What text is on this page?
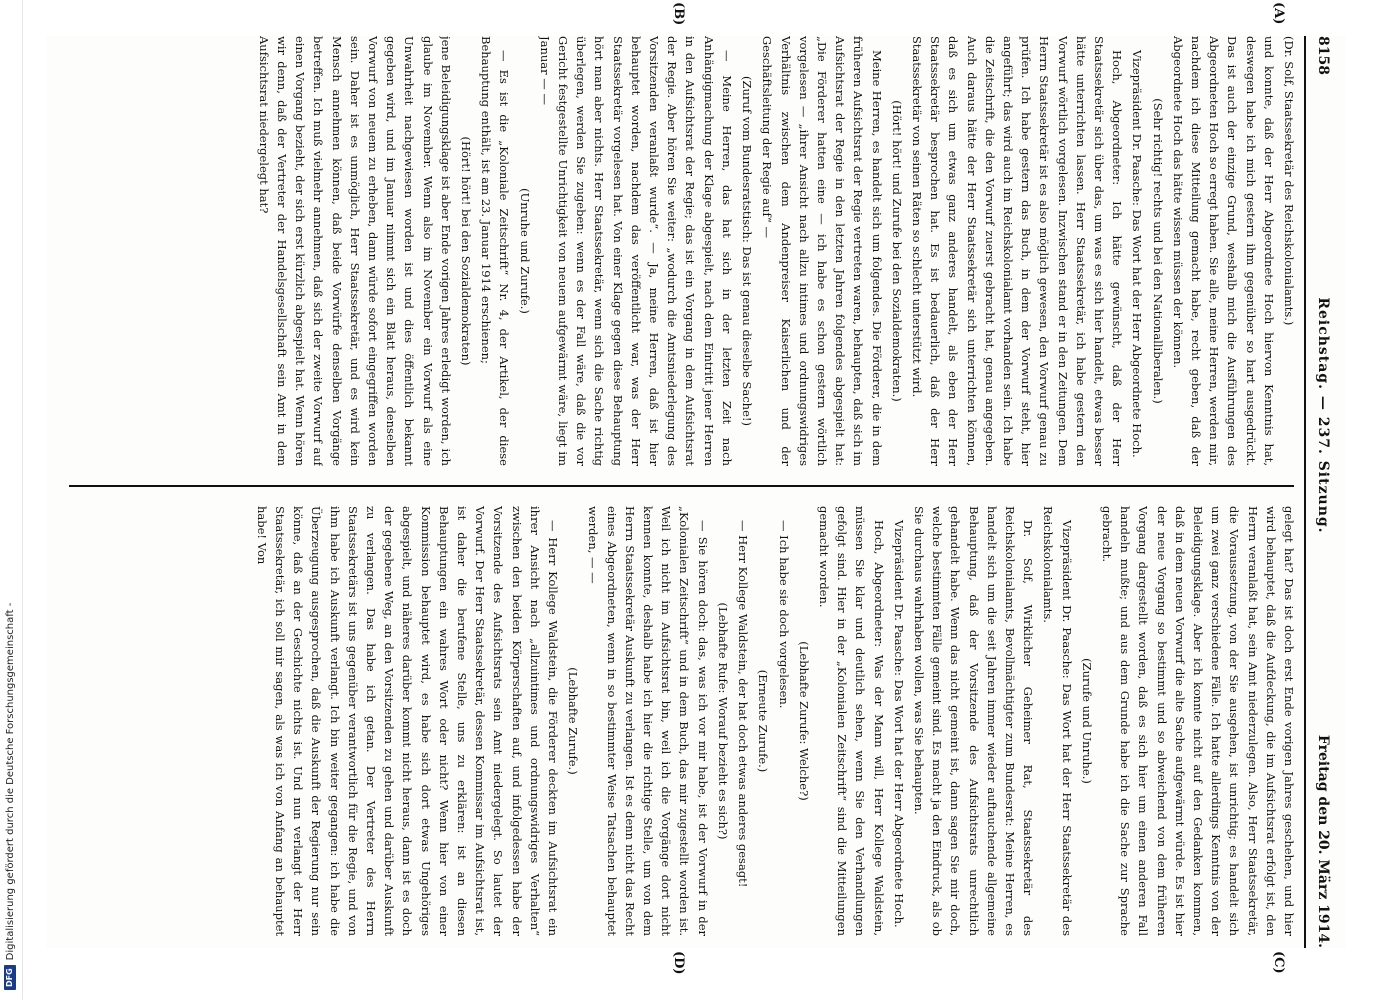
DFG
Digitalisierung gefördert durch die Deutsche Forschungsgemeinschaft -
8158
Reichstag. — 237. Sitzung.
Freitag den 20. März 1914.
(A)
(B)
(C)
(D)

(Dr. Solf, Staatssekretär des Reichskolonialamts.)

und konnte, daß der Herr Abgeordnete Hoch hiervon Kenntnis hat, deswegen habe ich mich gestern ihm gegenüber so hart ausgedrückt. Das ist auch der einzige Grund, weshalb mich die Ausführungen des Abgeordneten Hoch so erregt haben. Sie alle, meine Herren, werden mir, nachdem ich diese Mitteilung gemacht habe, recht geben, daß der Abgeordnete Hoch das hätte wissen müssen der können.

(Sehr richtig! rechts und bei den Nationalliberalen.)

Vizepräsident Dr. Paasche: Das Wort hat der Herr Abgeordnete Hoch.

Hoch, Abgeordneter: Ich hätte gewünscht, daß der Herr Staatssekretär sich über das, um was es sich hier handelt, etwas besser hätte unterrichten lassen. Herr Staatssekretär, ich habe gestern den Vorwurf wörtlich vorgelesen. Inzwischen stand er in den Zeitungen. Dem Herrn Staatssekretär ist es also möglich gewesen, den Vorwurf genau zu prüfen. Ich habe gestern das Buch, in dem der Vorwurf steht, hier angeführt; das wird auch im Reichskolonialamt vorhanden sein. Ich habe die Zeitschrift, die den Vorwurf zuerst gebracht hat, genau angegeben. Auch daraus hätte der Herr Staatssekretär sich unterrichten können, daß es sich um etwas ganz anderes handelt, als eben der Herr Staatssekretär besprochen hat. Es ist bedauerlich, daß der Herr Staatssekretär von seinen Räten so schlecht unterstützt wird.

(Hört! hört! und Zurufe bei den Sozialdemokraten.)

Meine Herren, es handelt sich um folgendes. Die Förderer, die in dem früheren Aufsichtsrat der Regie vertreten waren, behaupten, daß sich im Aufsichtsrat der Regie in den letzten Jahren folgendes abgespielt hat: „Die Förderer hatten eine — ich habe es schon gestern wörtlich vorgelesen — „ihrer Ansicht nach allzu intimes und ordnungswidriges Verhältnis zwischen dem Andenpreiser Kaiserlichen und der Geschäftsleitung der Regie auf“ —

(Zuruf vom Bundesratstisch: Das ist genau dieselbe Sache!)

— Meine Herren, das hat sich in der letzten Zeit nach Anhängigmachung der Klage abgespielt, nach dem Eintritt jener Herren in den Aufsichtsrat der Regie; das ist ein Vorgang in dem Aufsichtsrat der Regie. Aber hören Sie weiter: „wodurch die Amtsniederlegung des Vorsitzenden veranlaßt wurde“. — Ja, meine Herren, daß ist hier behauptet worden, nachdem das veröffentlicht war, was der Herr Staatssekretär vorgelesen hat. Von einer Klage gegen diese Behauptung hört man aber nichts. Herr Staatssekretär, wenn sich die Sache richtig überlegen, werden Sie zugeben: wenn es der Fall wäre, daß die vor Gericht festgestellte Unrichtigkeit von neuem aufgewärmt wäre, liegt im Januar — —

(Unruhe und Zurufe.)

— Es ist die „Koloniale Zeitschrift“ Nr. 4, der Artikel, der diese Behauptung enthält, ist am 23. Januar 1914 erschienen;

(Hört! hört! bei den Sozialdemokraten)

jene Beleidigungsklage ist aber Ende vorigen Jahres erledigt worden, ich glaube im November. Wenn also im November ein Vorwurf als eine Unwahrheit nachgewiesen worden ist und dies öffentlich bekannt gegeben wird, und im Januar nimmt sich ein Blatt heraus, denselben Vorwurf von neuem zu erheben, dann würde sofort eingegriffen worden sein. Daher ist es unmöglich, Herr Staatssekretär, und es wird kein Mensch annehmen können, daß beide Vorwürfe denselben Vorgänge betreffen. Ich muß vielmehr annehmen, daß sich der zweite Vorwurf auf einen Vorgang bezieht, der sich erst kürzlich abgespielt hat. Wenn hören wir denn, daß der Vertreter der Handelsgesellschaft sein Amt in dem Aufsichtsrat niedergelegt hat?

gelegt hat? Das ist doch erst Ende vorigen Jahres geschehen, und hier wird behauptet, daß die Aufdeckung, die im Aufsichtsrat erfolgt ist, den Herrn veranlaßt hat, sein Amt niederzulegen. Also, Herr Staatssekretär, die Voraussetzung, von der Sie ausgehen, ist unrichtig; es handelt sich um zwei ganz verschiedene Fälle. Ich hatte allerdings Kenntnis von der Beleidigungsklage. Aber ich konnte nicht auf den Gedanken kommen, daß in dem neuen Vorwurf die alte Sache aufgewärmt würde. Es ist hier der neue Vorgang so bestimmt und so abweichend von dem früheren Vorgang dargestellt worden, daß es sich hier um einen anderen Fall handeln mußte; und aus dem Grunde habe ich die Sache zur Sprache gebracht.

(Zurufe und Unruhe.)

Vizepräsident Dr. Paasche: Das Wort hat der Herr Staatssekretär des Reichskolonialamts.

Dr. Solf, Wirklicher Geheimer Rat, Staatssekretär des Reichskolonialamts, Bevollmächtigter zum Bundesrat: Meine Herren, es handelt sich um die seit Jahren immer wieder auftauchende allgemeine Behauptung, daß der Vorsitzende des Aufsichtsrats unrechtlich gehandelt habe. Wenn das nicht gemeint ist, dann sagen Sie mir doch, welche bestimmten Fälle gemeint sind. Es macht ja den Eindruck, als ob Sie durchaus wahrhaben wollen, was Sie behaupten.

Vizepräsident Dr. Paasche: Das Wort hat der Herr Abgeordnete Hoch.

Hoch, Abgeordneter: Was der Mann will, Herr Kollege Waldstein, müssen Sie klar und deutlich sehen, wenn Sie den Verhandlungen gefolgt sind. Hier in der „Kolonialen Zeitschrift“ sind die Mitteilungen gemacht worden.

(Lebhafte Zurufe: Welche?)

— Ich habe sie doch vorgelesen.

(Erneute Zurufe.)

— Herr Kollege Waldstein, der hat doch etwas anderes gesagt!

(Lebhafte Rufe: Worauf bezieht es sich?)

— Sie hören doch: das, was ich vor mir habe, ist der Vorwurf in der „Kolonialen Zeitschrift“ und in dem Buch, das mir zugestellt worden ist. Weil ich nicht im Aufsichtsrat bin, weil ich die Vorgänge dort nicht kennen konnte, deshalb habe ich hier die richtige Stelle, um von dem Herrn Staatssekretär Auskunft zu verlangen. Ist es denn nicht das Recht eines Abgeordneten, wenn in so bestimmter Weise Tatsachen behauptet werden, — —

(Lebhafte Zurufe.)

— Herr Kollege Waldstein, die Förderer deckten im Aufsichtsrat ein ihrer Ansicht nach „allzuintimes und ordnungswidriges Verhalten“ zwischen den beiden Körperschaften auf, und infolgedessen habe der Vorsitzende des Aufsichtsrats sein Amt niedergelegt. So lautet der Vorwurf. Der Herr Staatssekretär, dessen Kommissar im Aufsichtsrat ist, ist daher die berufene Stelle, uns zu erklären: ist an diesen Behauptungen ein wahres Wort oder nicht? Wenn hier von einer Kommission behauptet wird, es habe sich dort etwas Ungehöriges abgespielt, und näheres darüber kommt nicht heraus, dann ist es doch der gegebene Weg, an den Vorsitzenden zu gehen und darüber Auskunft zu verlangen. Das habe ich getan. Der Vertreter des Herrn Staatssekretärs ist uns gegenüber verantwortlich für die Regie, und von ihm habe ich Auskunft verlangt. Ich bin weiter gegangen: ich habe die Überzeugung ausgesprochen, daß die Auskunft der Regierung nur sein könne, daß an der Geschichte nichts ist. Und nun verlangt der Herr Staatssekretär, ich soll mir sagen, als was ich von Anfang an behauptet habe! Von
